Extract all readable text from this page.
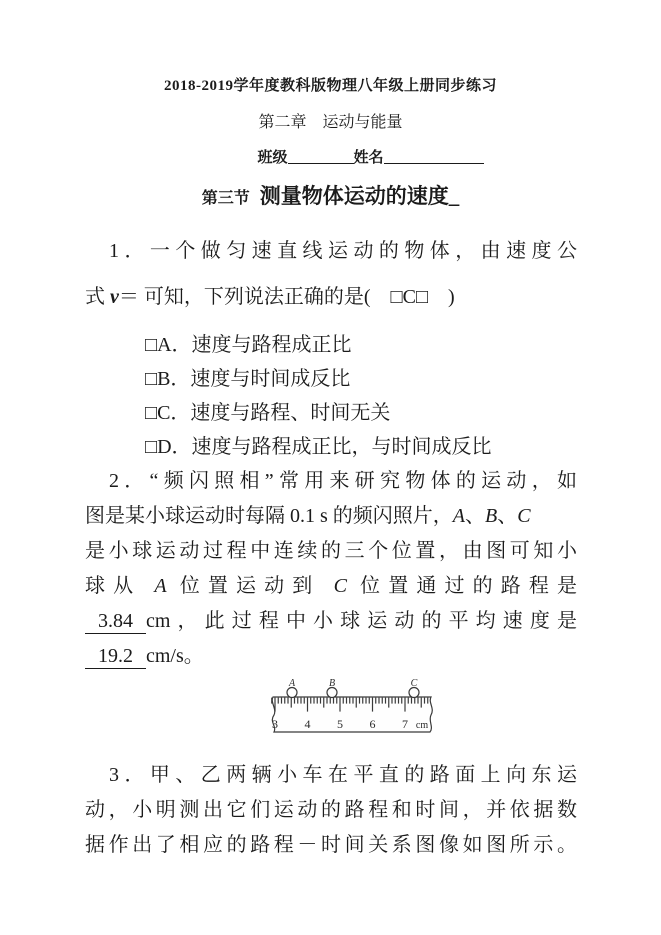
2018-2019学年度教科版物理八年级上册同步练习
第二章　运动与能量
班级	姓名
第三节 测量物体运动的速度_
1．一个做匀速直线运动的物体，由速度公
式 v＝ 可知，下列说法正确的是(　□C□　)
□A．速度与路程成正比
□B．速度与时间成反比
□C．速度与路程、时间无关
□D．速度与路程成正比，与时间成反比
2．“频闪照相”常用来研究物体的运动，如
图是某小球运动时每隔 0.1 s 的频闪照片，A、B、C
是小球运动过程中连续的三个位置，由图可知小
球从 A 位置运动到 C 位置通过的路程是
3.84 cm，此过程中小球运动的平均速度是
19.2 cm/s。
A	B	C
3 4 5 6 7 cm
3．甲、乙两辆小车在平直的路面上向东运
动，小明测出它们运动的路程和时间，并依据数
据作出了相应的路程－时间关系图像如图所示。
